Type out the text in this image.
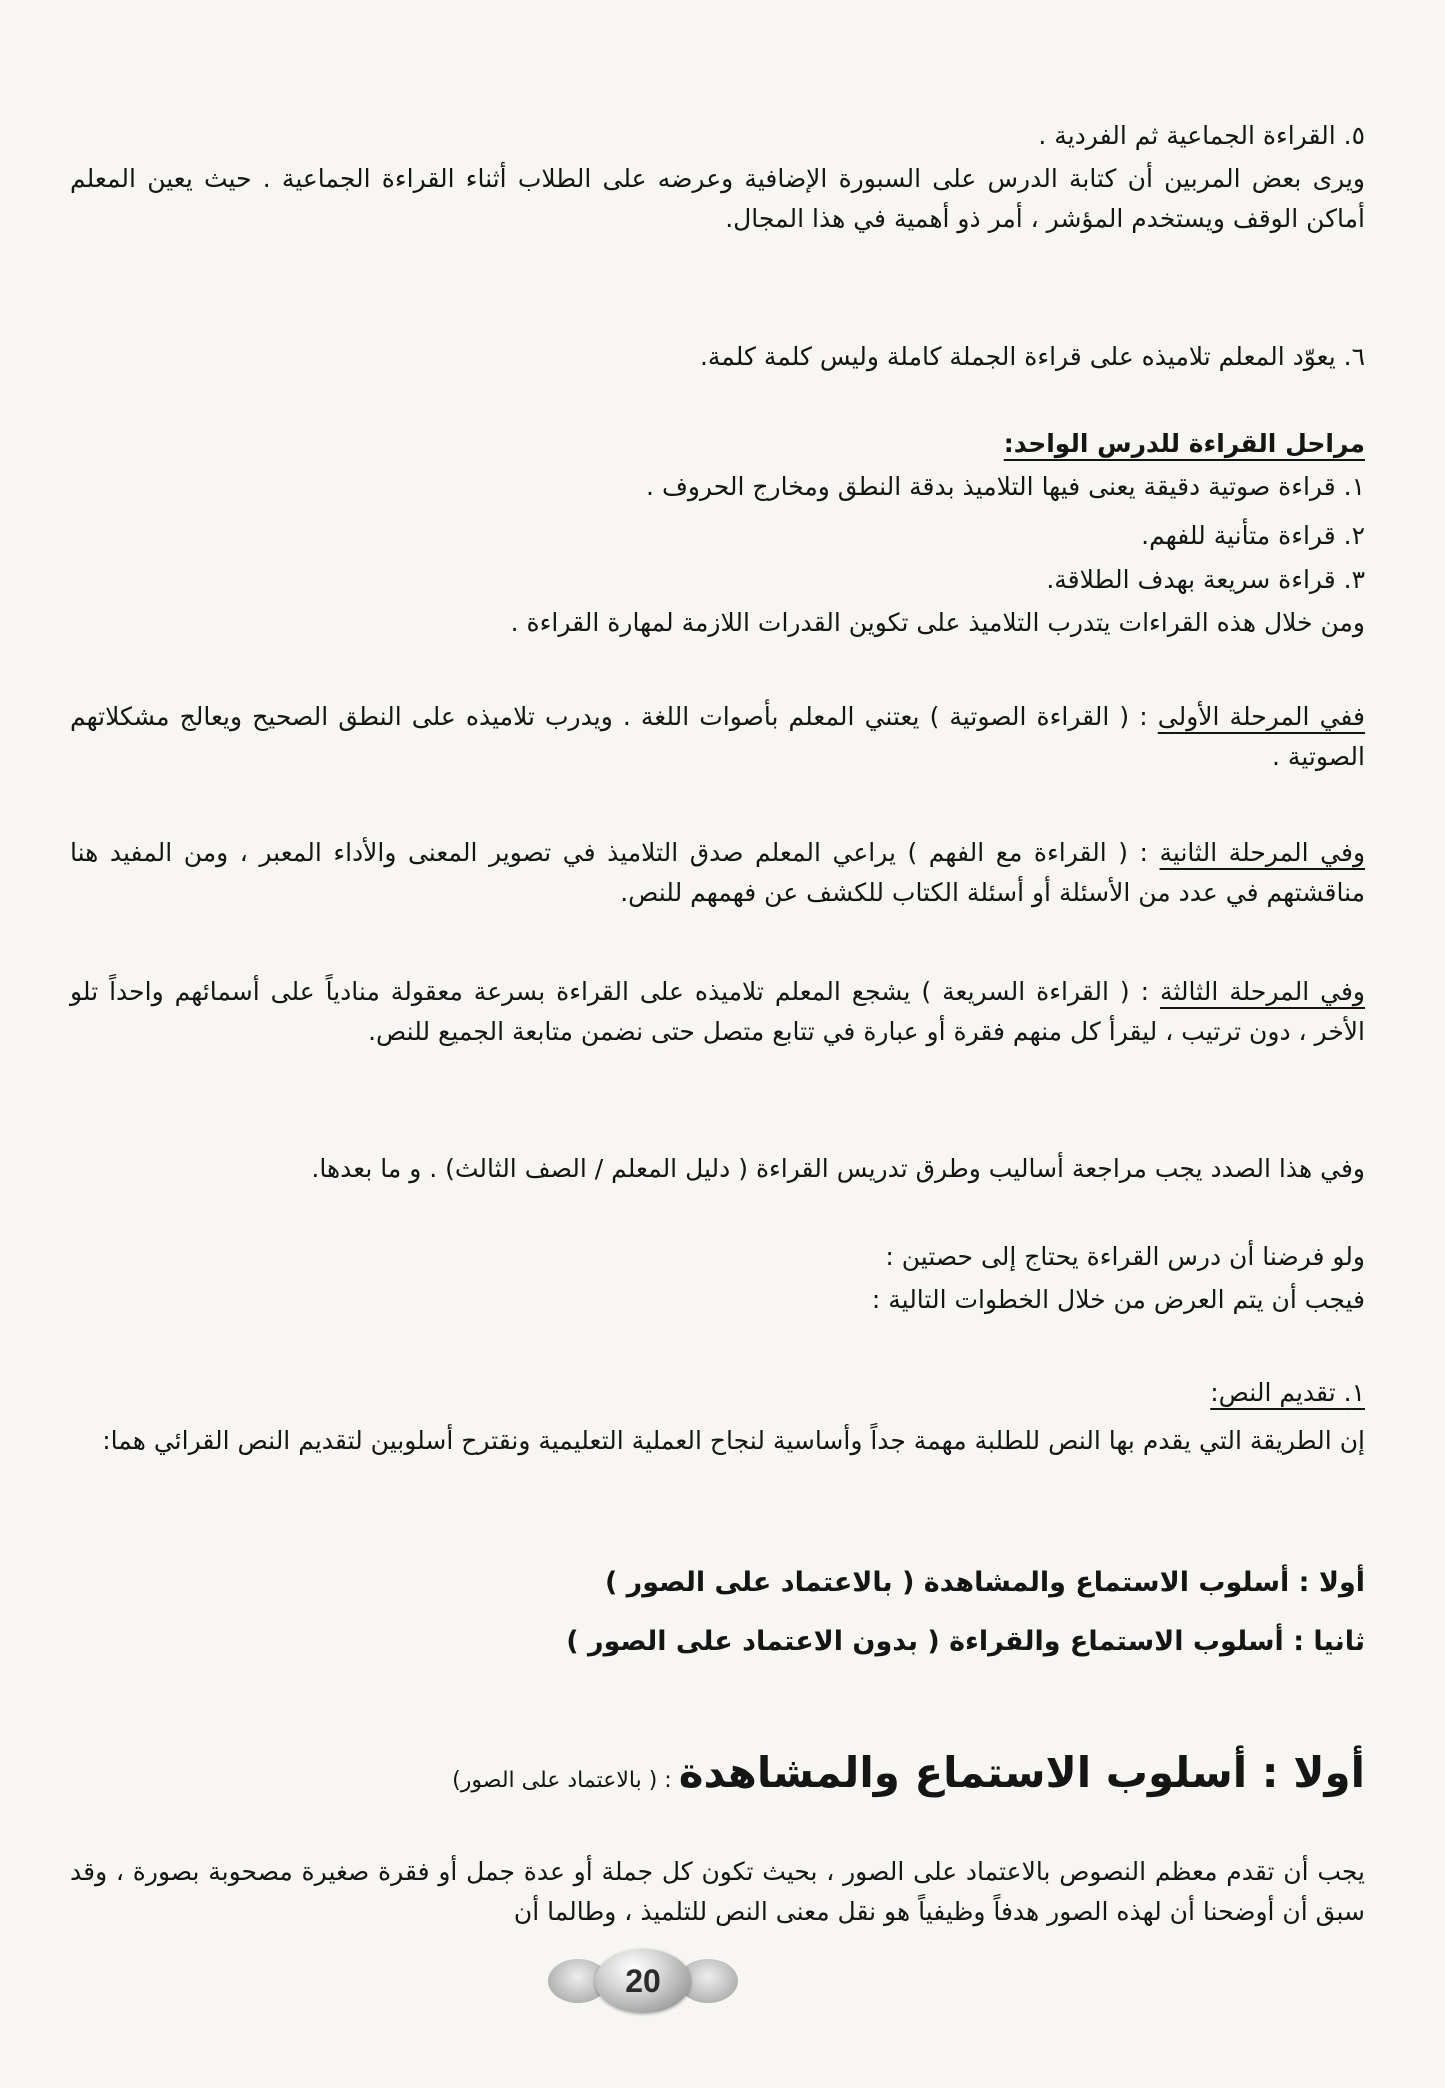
٥. القراءة الجماعية ثم الفردية .

ويرى بعض المربين أن كتابة الدرس على السبورة الإضافية وعرضه على الطلاب أثناء القراءة الجماعية . حيث يعين المعلم أماكن الوقف ويستخدم المؤشر ، أمر ذو أهمية في هذا المجال.

٦. يعوّد المعلم تلاميذه على قراءة الجملة كاملة وليس كلمة كلمة.

مراحل القراءة للدرس الواحد:

١. قراءة صوتية دقيقة يعنى فيها التلاميذ بدقة النطق ومخارج الحروف .

٢. قراءة متأنية للفهم.

٣. قراءة سريعة بهدف الطلاقة.

ومن خلال هذه القراءات يتدرب التلاميذ على تكوين القدرات اللازمة لمهارة القراءة .

ففي المرحلة الأولى : ( القراءة الصوتية ) يعتني المعلم بأصوات اللغة . ويدرب تلاميذه على النطق الصحيح ويعالج مشكلاتهم الصوتية .

وفي المرحلة الثانية : ( القراءة مع الفهم ) يراعي المعلم صدق التلاميذ في تصوير المعنى والأداء المعبر ، ومن المفيد هنا مناقشتهم في عدد من الأسئلة أو أسئلة الكتاب للكشف عن فهمهم للنص.

وفي المرحلة الثالثة : ( القراءة السريعة ) يشجع المعلم تلاميذه على القراءة بسرعة معقولة منادياً على أسمائهم واحداً تلو الأخر ، دون ترتيب ، ليقرأ كل منهم فقرة أو عبارة في تتابع متصل حتى نضمن متابعة الجميع للنص.

وفي هذا الصدد يجب مراجعة أساليب وطرق تدريس القراءة ( دليل المعلم / الصف الثالث) . و ما بعدها.

ولو فرضنا أن درس القراءة يحتاج إلى حصتين :

فيجب أن يتم العرض من خلال الخطوات التالية :

١. تقديم النص:

إن الطريقة التي يقدم بها النص للطلبة مهمة جداً وأساسية لنجاح العملية التعليمية ونقترح أسلوبين لتقديم النص القرائي هما:

أولا : أسلوب الاستماع والمشاهدة ( بالاعتماد على الصور )

ثانيا : أسلوب الاستماع والقراءة ( بدون الاعتماد على الصور )

أولا : أسلوب الاستماع والمشاهدة : ( بالاعتماد على الصور)

يجب أن تقدم معظم النصوص بالاعتماد على الصور ، بحيث تكون كل جملة أو عدة جمل أو فقرة صغيرة مصحوبة بصورة ، وقد سبق أن أوضحنا أن لهذه الصور هدفاً وظيفياً هو نقل معنى النص للتلميذ ، وطالما أن

20
